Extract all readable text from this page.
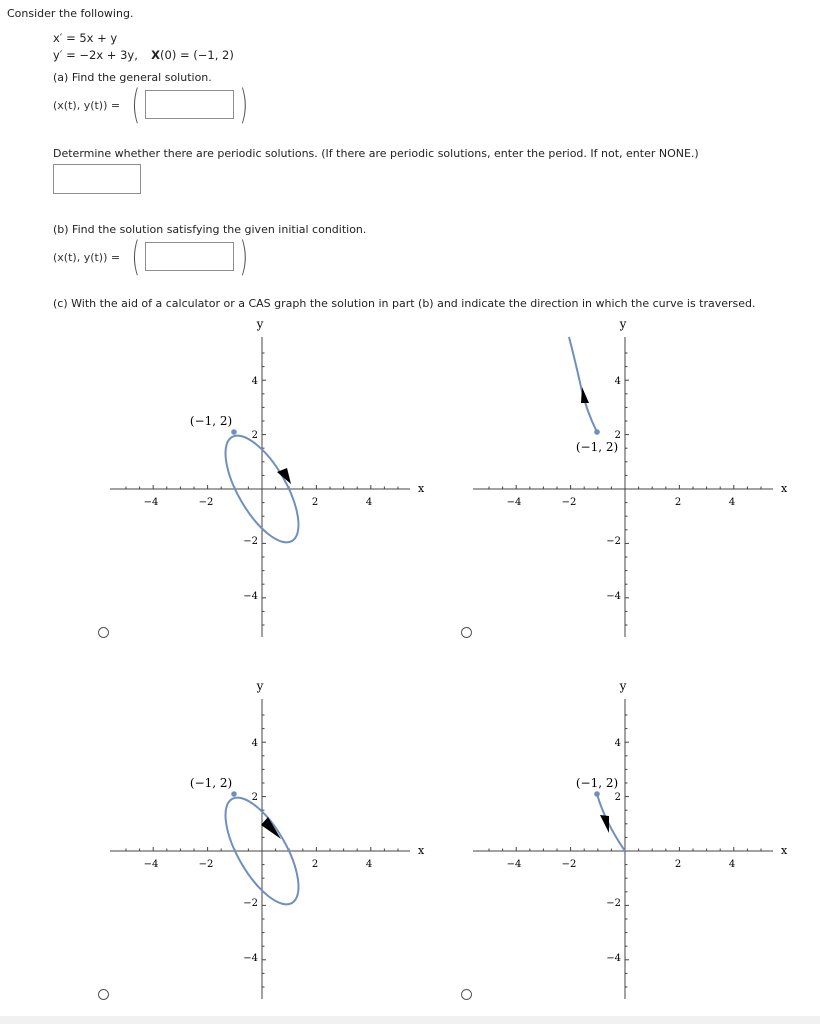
Consider the following.
x′ = 5x + y
y′ = −2x + 3y, X(0) = (−1, 2)
(a) Find the general solution.
(x(t), y(t)) = ( )
Determine whether there are periodic solutions. (If there are periodic solutions, enter the period. If not, enter NONE.)
(b) Find the solution satisfying the given initial condition.
(x(t), y(t)) = ( )
(c) With the aid of a calculator or a CAS graph the solution in part (b) and indicate the direction in which the curve is traversed.
y
x
−4	−2	2	4
4
2
−2
−4
(−1, 2)
y
x
−4	−2	2	4
4
2
−2
−4
(−1, 2)
y
x
−4	−2	2	4
4
2
−2
−4
(−1, 2)
y
x
−4	−2	2	4
4
2
−2
−4
(−1, 2)
